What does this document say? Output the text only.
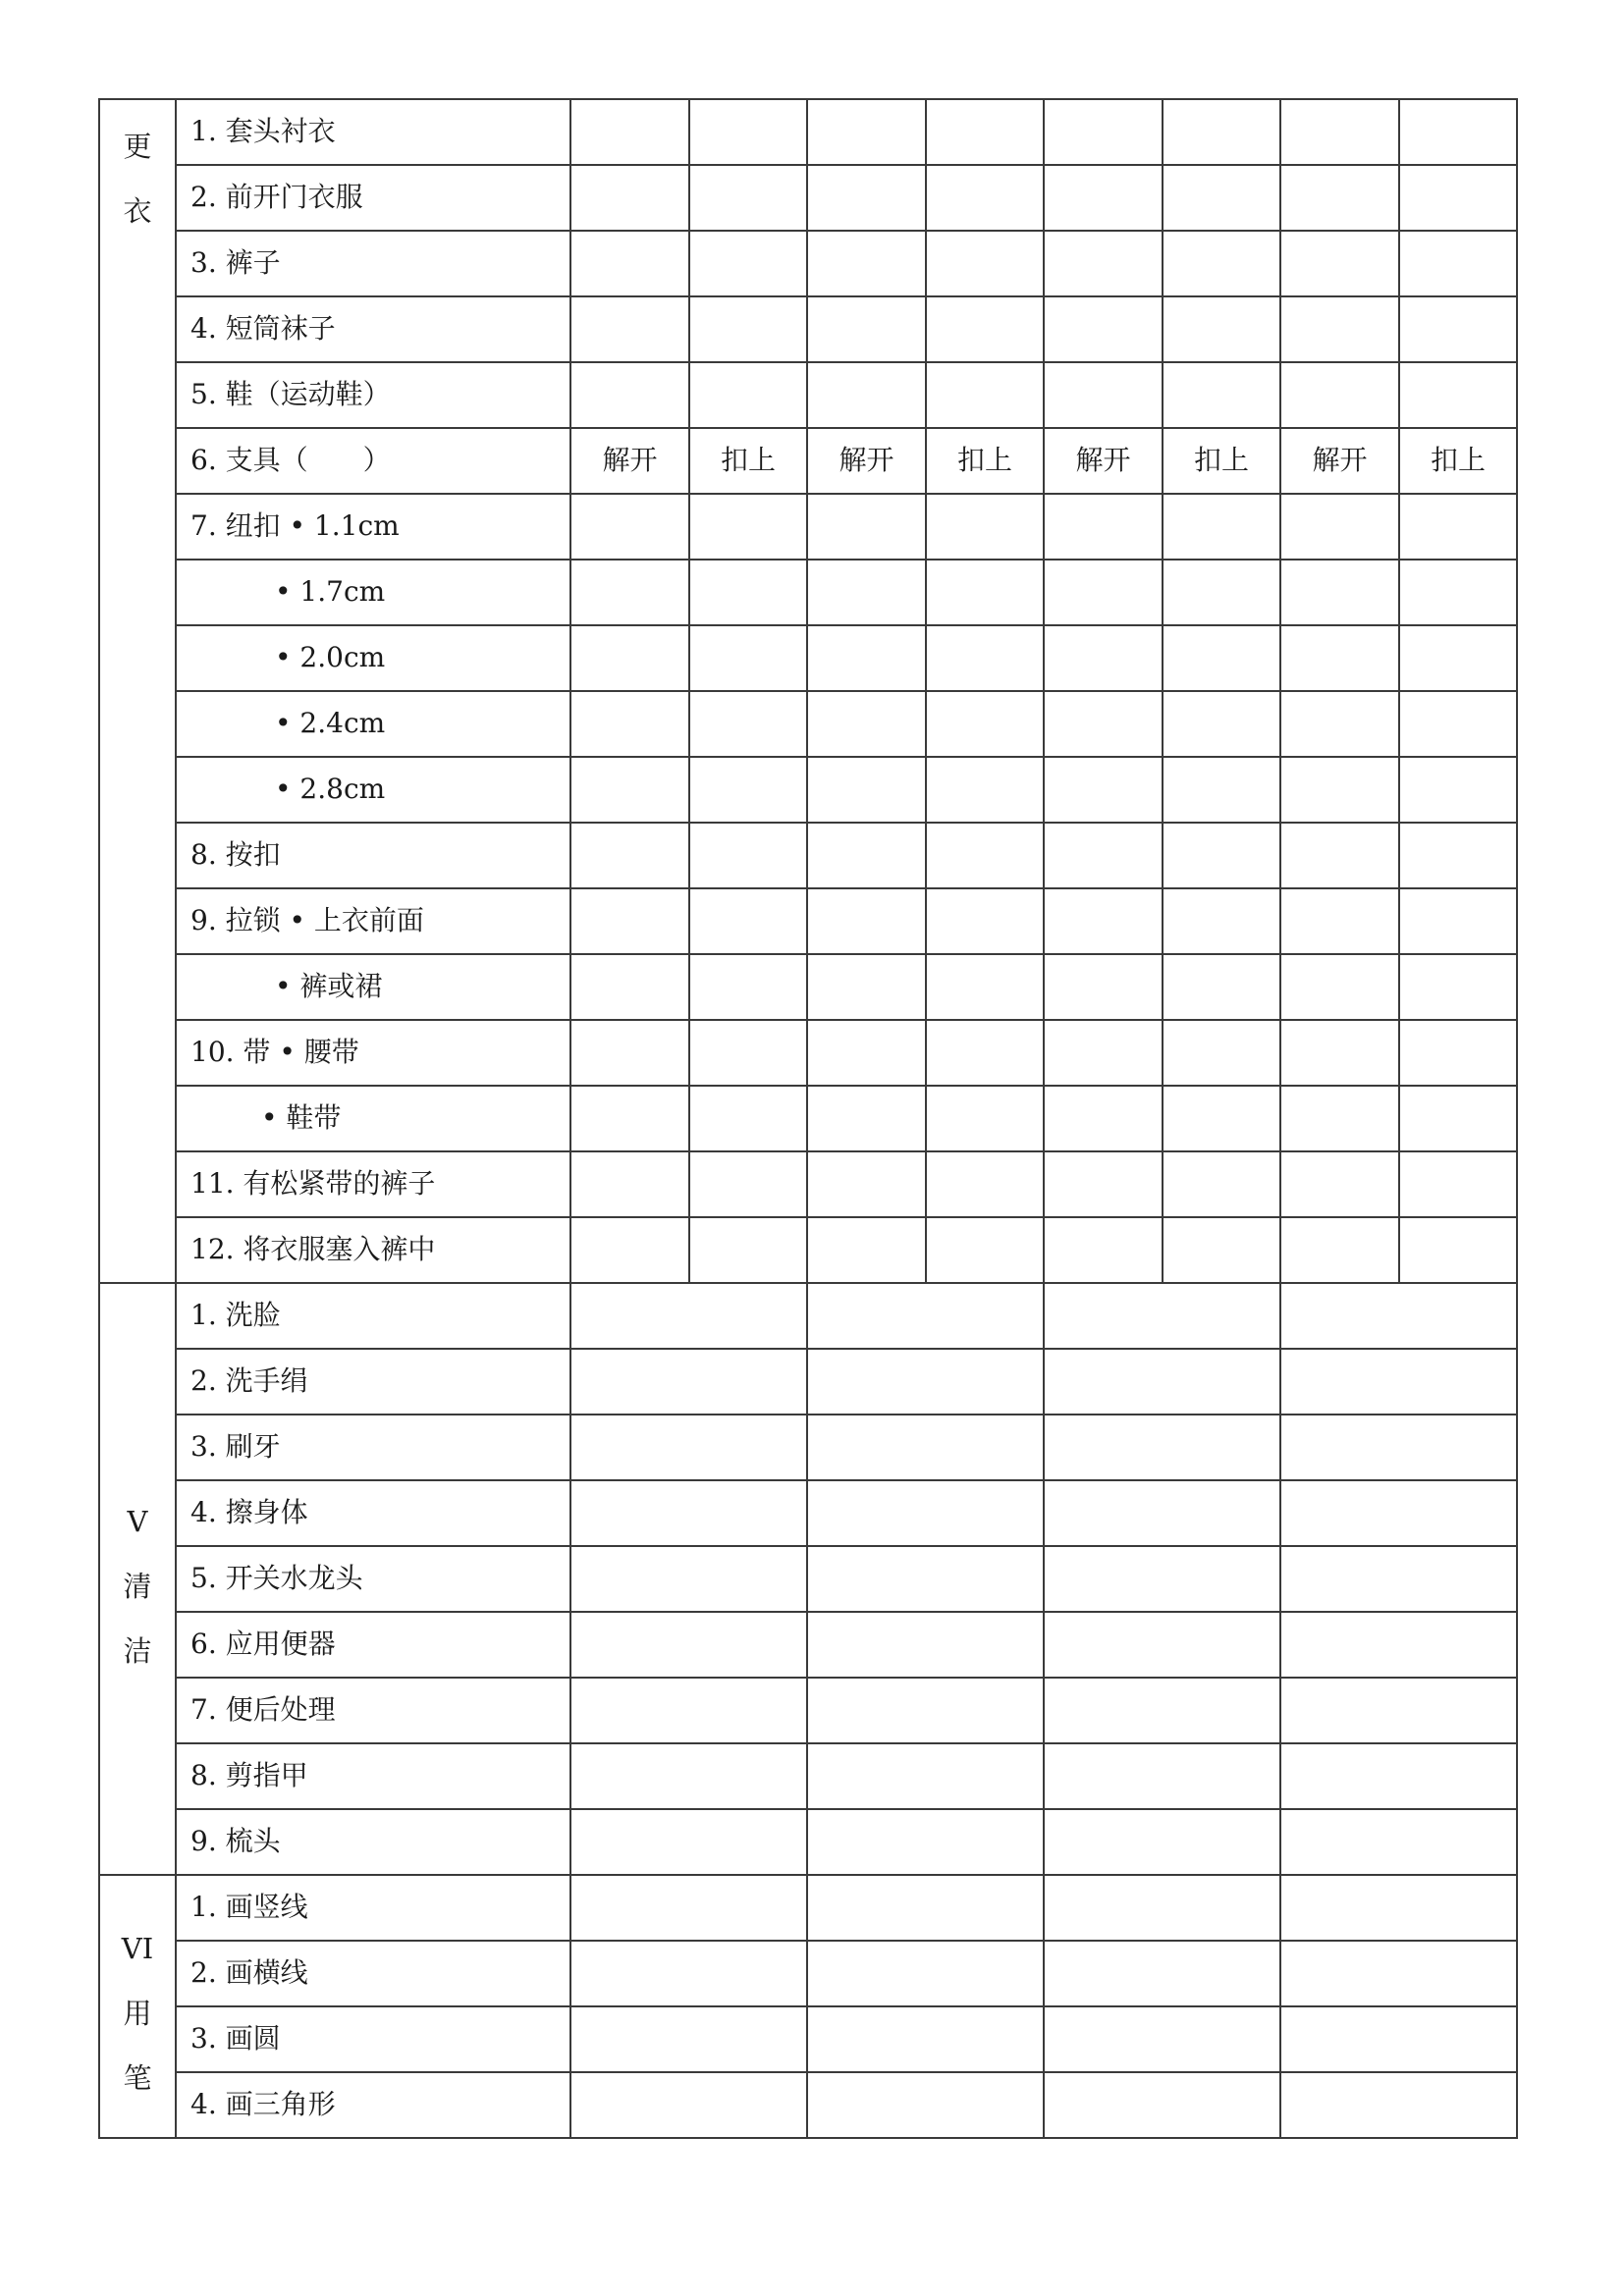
更
衣	1. 套头衬衣								
	2. 前开门衣服								
	3. 裤子								
	4. 短筒袜子								
	5. 鞋（运动鞋）								
	6. 支具（　　）	解开	扣上	解开	扣上	解开	扣上	解开	扣上
	7. 纽扣 • 1.1cm								
	• 1.7cm								
	• 2.0cm								
	• 2.4cm								
	• 2.8cm								
	8. 按扣								
	9. 拉锁 • 上衣前面								
	• 裤或裙								
	10. 带 • 腰带								
	• 鞋带								
	11. 有松紧带的裤子								
	12. 将衣服塞入裤中								

V
清
洁	1. 洗脸								
	2. 洗手绢								
	3. 刷牙								
	4. 擦身体								
	5. 开关水龙头								
	6. 应用便器								
	7. 便后处理								
	8. 剪指甲								
	9. 梳头								

VI
用
笔	1. 画竖线								
	2. 画横线								
	3. 画圆								
	4. 画三角形								
